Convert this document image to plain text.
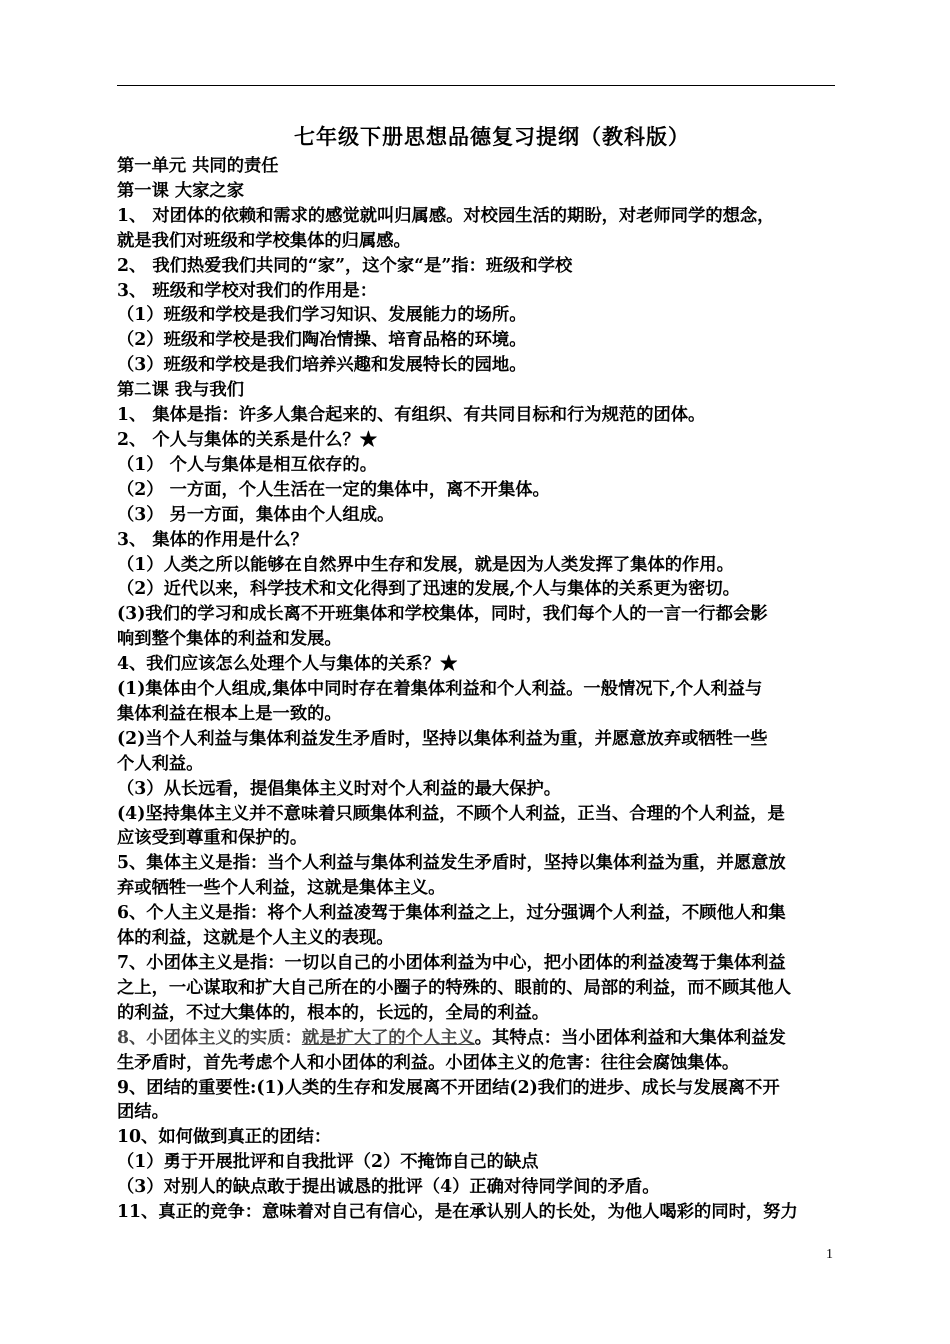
七年级下册思想品德复习提纲（教科版）
第一单元 共同的责任
第一课 大家之家
1、 对团体的依赖和需求的感觉就叫归属感。对校园生活的期盼，对老师同学的想念，
就是我们对班级和学校集体的归属感。
2、 我们热爱我们共同的“家”，这个家“是”指：班级和学校
3、 班级和学校对我们的作用是：
（1）班级和学校是我们学习知识、发展能力的场所。
（2）班级和学校是我们陶冶情操、培育品格的环境。
（3）班级和学校是我们培养兴趣和发展特长的园地。
第二课 我与我们
1、 集体是指：许多人集合起来的、有组织、有共同目标和行为规范的团体。
2、 个人与集体的关系是什么？★
（1） 个人与集体是相互依存的。
（2） 一方面，个人生活在一定的集体中，离不开集体。
（3） 另一方面，集体由个人组成。
3、 集体的作用是什么？
（1）人类之所以能够在自然界中生存和发展，就是因为人类发挥了集体的作用。
（2）近代以来，科学技术和文化得到了迅速的发展,个人与集体的关系更为密切。
(3)我们的学习和成长离不开班集体和学校集体，同时，我们每个人的一言一行都会影
响到整个集体的利益和发展。
4、我们应该怎么处理个人与集体的关系？★
(1)集体由个人组成,集体中同时存在着集体利益和个人利益。一般情况下,个人利益与
集体利益在根本上是一致的。
(2)当个人利益与集体利益发生矛盾时，坚持以集体利益为重，并愿意放弃或牺牲一些
个人利益。
（3）从长远看，提倡集体主义时对个人利益的最大保护。
(4)坚持集体主义并不意味着只顾集体利益，不顾个人利益，正当、合理的个人利益，是
应该受到尊重和保护的。
5、集体主义是指：当个人利益与集体利益发生矛盾时，坚持以集体利益为重，并愿意放
弃或牺牲一些个人利益，这就是集体主义。
6、个人主义是指：将个人利益凌驾于集体利益之上，过分强调个人利益，不顾他人和集
体的利益，这就是个人主义的表现。
7、小团体主义是指：一切以自己的小团体利益为中心，把小团体的利益凌驾于集体利益
之上，一心谋取和扩大自己所在的小圈子的特殊的、眼前的、局部的利益，而不顾其他人
的利益，不过大集体的，根本的，长远的，全局的利益。
8、小团体主义的实质：就是扩大了的个人主义。其特点：当小团体利益和大集体利益发
生矛盾时，首先考虑个人和小团体的利益。小团体主义的危害：往往会腐蚀集体。
9、团结的重要性:(1)人类的生存和发展离不开团结(2)我们的进步、成长与发展离不开
团结。
10、如何做到真正的团结：
（1）勇于开展批评和自我批评（2）不掩饰自己的缺点
（3）对别人的缺点敢于提出诚恳的批评（4）正确对待同学间的矛盾。
11、真正的竞争：意味着对自己有信心，是在承认别人的长处，为他人喝彩的同时，努力
1
